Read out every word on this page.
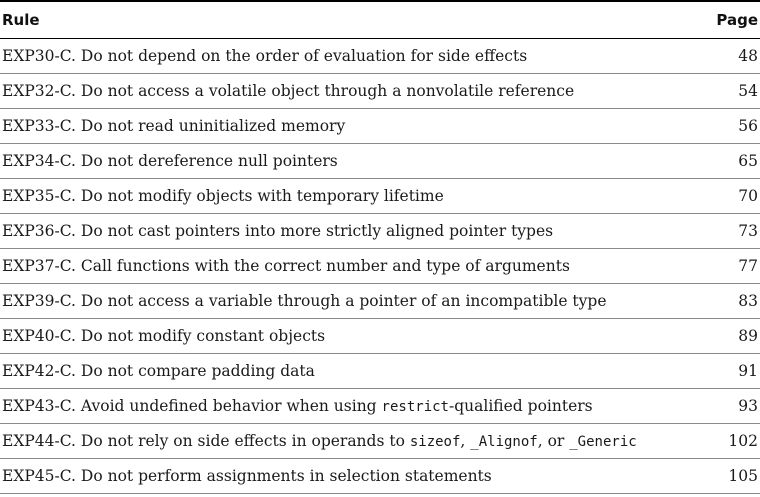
Rule	Page
EXP30-C. Do not depend on the order of evaluation for side effects	48
EXP32-C. Do not access a volatile object through a nonvolatile reference	54
EXP33-C. Do not read uninitialized memory	56
EXP34-C. Do not dereference null pointers	65
EXP35-C. Do not modify objects with temporary lifetime	70
EXP36-C. Do not cast pointers into more strictly aligned pointer types	73
EXP37-C. Call functions with the correct number and type of arguments	77
EXP39-C. Do not access a variable through a pointer of an incompatible type	83
EXP40-C. Do not modify constant objects	89
EXP42-C. Do not compare padding data	91
EXP43-C. Avoid undefined behavior when using restrict-qualified pointers	93
EXP44-C. Do not rely on side effects in operands to sizeof, _Alignof, or _Generic	102
EXP45-C. Do not perform assignments in selection statements	105
